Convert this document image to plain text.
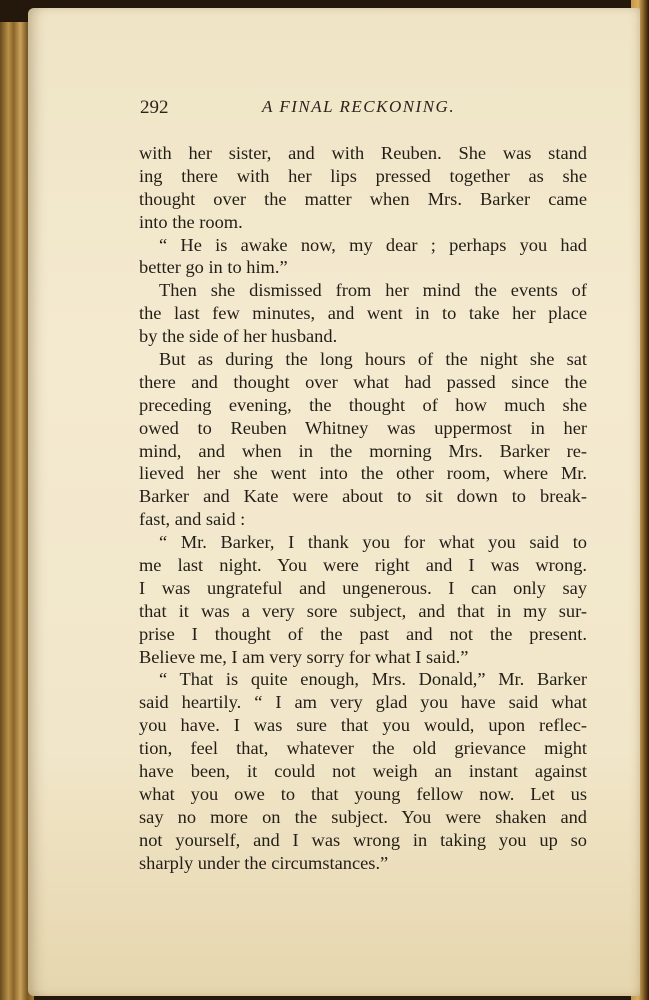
292	A FINAL RECKONING.
with her sister, and with Reuben. She was stand
ing there with her lips pressed together as she
thought over the matter when Mrs. Barker came
into the room.
“ He is awake now, my dear ; perhaps you had
better go in to him.”
Then she dismissed from her mind the events of
the last few minutes, and went in to take her place
by the side of her husband.
But as during the long hours of the night she sat
there and thought over what had passed since the
preceding evening, the thought of how much she
owed to Reuben Whitney was uppermost in her
mind, and when in the morning Mrs. Barker re-
lieved her she went into the other room, where Mr.
Barker and Kate were about to sit down to break-
fast, and said :
“ Mr. Barker, I thank you for what you said to
me last night. You were right and I was wrong.
I was ungrateful and ungenerous. I can only say
that it was a very sore subject, and that in my sur-
prise I thought of the past and not the present.
Believe me, I am very sorry for what I said.”
“ That is quite enough, Mrs. Donald,” Mr. Barker
said heartily. “ I am very glad you have said what
you have. I was sure that you would, upon reflec-
tion, feel that, whatever the old grievance might
have been, it could not weigh an instant against
what you owe to that young fellow now. Let us
say no more on the subject. You were shaken and
not yourself, and I was wrong in taking you up so
sharply under the circumstances.”
